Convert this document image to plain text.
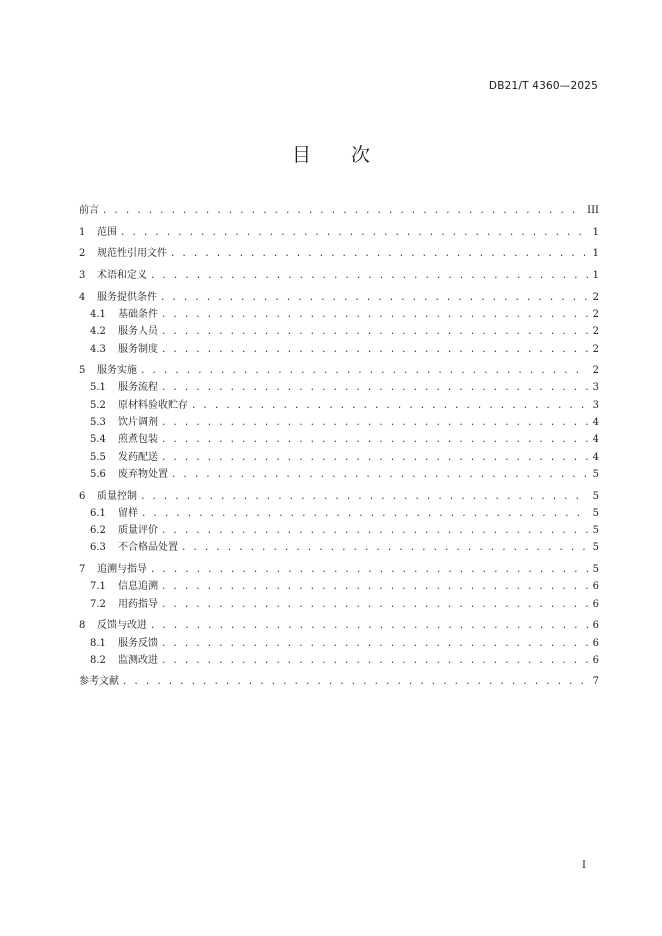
DB21/T 4360—2025
目 次
前言 . . .	III
1	范围 . . .	1
2	规范性引用文件 . . .	1
3	术语和定义 . . .	1
4	服务提供条件 . . .	2
4.1	基础条件 . . .	2
4.2	服务人员 . . .	2
4.3	服务制度 . . .	2
5	服务实施 . . .	2
5.1	服务流程 . . .	3
5.2	原材料验收贮存 . . .	3
5.3	饮片调剂 . . .	4
5.4	煎煮包装 . . .	4
5.5	发药配送 . . .	4
5.6	废弃物处置 . . .	5
6	质量控制 . . .	5
6.1	留样 . . .	5
6.2	质量评价 . . .	5
6.3	不合格品处置 . . .	5
7	追溯与指导 . . .	5
7.1	信息追溯 . . .	6
7.2	用药指导 . . .	6
8	反馈与改进 . . .	6
8.1	服务反馈 . . .	6
8.2	监测改进 . . .	6
参考文献 . . .	7
I
